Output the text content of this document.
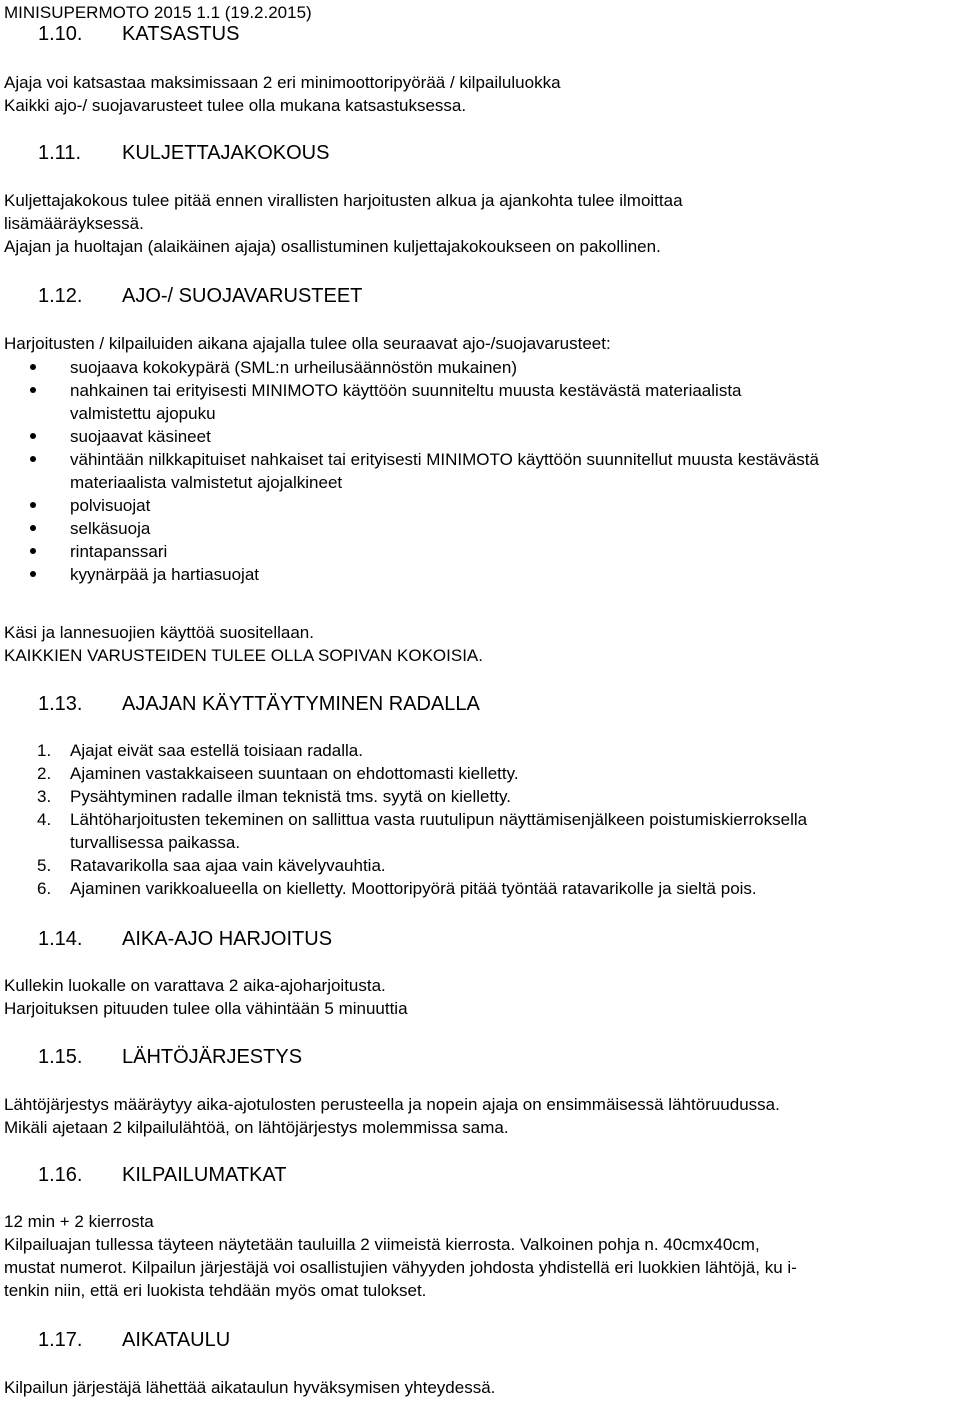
MINISUPERMOTO 2015 1.1 (19.2.2015)
1.10. KATSASTUS
Ajaja voi katsastaa maksimissaan 2 eri minimoottoripyörää / kilpailuluokka
Kaikki ajo-/ suojavarusteet tulee olla mukana katsastuksessa.
1.11. KULJETTAJAKOKOUS
Kuljettajakokous tulee pitää ennen virallisten harjoitusten alkua ja ajankohta tulee ilmoittaa
lisämääräyksessä.
Ajajan ja huoltajan (alaikäinen ajaja) osallistuminen kuljettajakokoukseen on pakollinen.
1.12. AJO-/ SUOJAVARUSTEET
Harjoitusten / kilpailuiden aikana ajajalla tulee olla seuraavat ajo-/suojavarusteet:
suojaava kokokypärä (SML:n urheilusäännöstön mukainen)
nahkainen tai erityisesti MINIMOTO käyttöön suunniteltu muusta kestävästä materiaalista
valmistettu ajopuku
suojaavat käsineet
vähintään nilkkapituiset nahkaiset tai erityisesti MINIMOTO käyttöön suunnitellut muusta kestävästä
materiaalista valmistetut ajojalkineet
polvisuojat
selkäsuoja
rintapanssari
kyynärpää ja hartiasuojat
Käsi ja lannesuojien käyttöä suositellaan.
KAIKKIEN VARUSTEIDEN TULEE OLLA SOPIVAN KOKOISIA.
1.13. AJAJAN KÄYTTÄYTYMINEN RADALLA
1. Ajajat eivät saa estellä toisiaan radalla.
2. Ajaminen vastakkaiseen suuntaan on ehdottomasti kielletty.
3. Pysähtyminen radalle ilman teknistä tms. syytä on kielletty.
4. Lähtöharjoitusten tekeminen on sallittua vasta ruutulipun näyttämisenjälkeen poistumiskierroksella
turvallisessa paikassa.
5. Ratavarikolla saa ajaa vain kävelyvauhtia.
6. Ajaminen varikkoalueella on kielletty. Moottoripyörä pitää työntää ratavarikolle ja sieltä pois.
1.14. AIKA-AJO HARJOITUS
Kullekin luokalle on varattava 2 aika-ajoharjoitusta.
Harjoituksen pituuden tulee olla vähintään 5 minuuttia
1.15. LÄHTÖJÄRJESTYS
Lähtöjärjestys määräytyy aika-ajotulosten perusteella ja nopein ajaja on ensimmäisessä lähtöruudussa.
Mikäli ajetaan 2 kilpailulähtöä, on lähtöjärjestys molemmissa sama.
1.16. KILPAILUMATKAT
12 min + 2 kierrosta
Kilpailuajan tullessa täyteen näytetään tauluilla 2 viimeistä kierrosta. Valkoinen pohja n. 40cmx40cm,
mustat numerot. Kilpailun järjestäjä voi osallistujien vähyyden johdosta yhdistellä eri luokkien lähtöjä, ku i-
tenkin niin, että eri luokista tehdään myös omat tulokset.
1.17. AIKATAULU
Kilpailun järjestäjä lähettää aikataulun hyväksymisen yhteydessä.
